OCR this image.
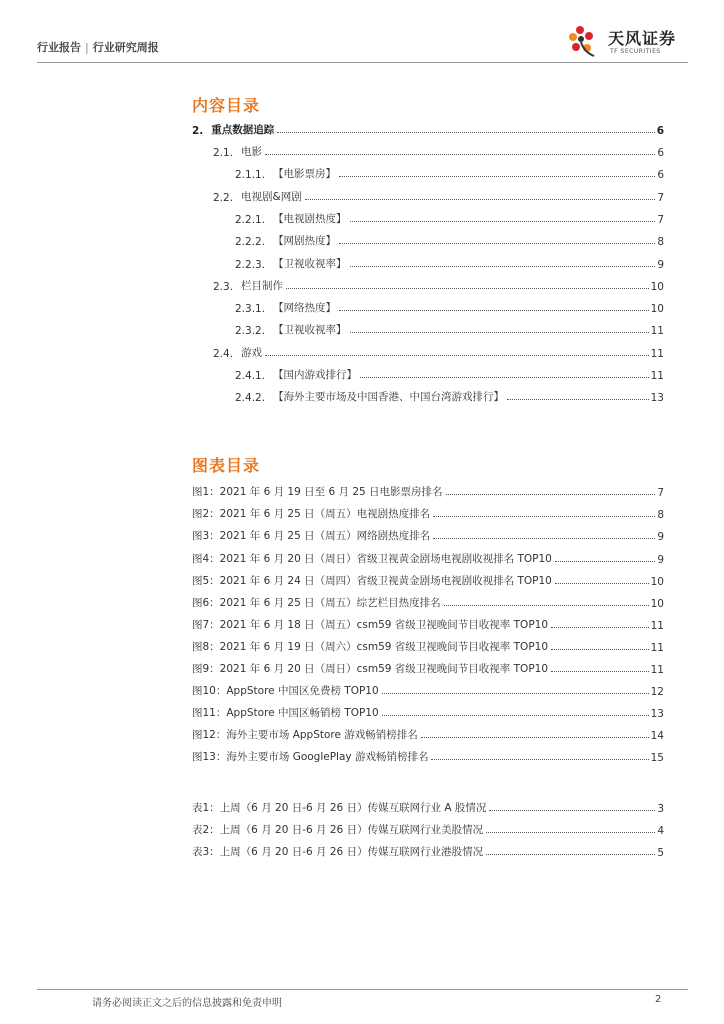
行业报告 | 行业研究周报	天风证券
TF SECURITIES
内容目录
2. 重点数据追踪	6
2.1. 电影	6
2.1.1. 【电影票房】	6
2.2. 电视剧&网剧	7
2.2.1. 【电视剧热度】	7
2.2.2. 【网剧热度】	8
2.2.3. 【卫视收视率】	9
2.3. 栏目制作	10
2.3.1. 【网络热度】	10
2.3.2. 【卫视收视率】	11
2.4. 游戏	11
2.4.1. 【国内游戏排行】	11
2.4.2. 【海外主要市场及中国香港、中国台湾游戏排行】	13
图表目录
图1：2021 年 6 月 19 日至 6 月 25 日电影票房排名	7
图2：2021 年 6 月 25 日（周五）电视剧热度排名	8
图3：2021 年 6 月 25 日（周五）网络剧热度排名	9
图4：2021 年 6 月 20 日（周日）省级卫视黄金剧场电视剧收视排名 TOP10	9
图5：2021 年 6 月 24 日（周四）省级卫视黄金剧场电视剧收视排名 TOP10	10
图6：2021 年 6 月 25 日（周五）综艺栏目热度排名	10
图7：2021 年 6 月 18 日（周五）csm59 省级卫视晚间节目收视率 TOP10	11
图8：2021 年 6 月 19 日（周六）csm59 省级卫视晚间节目收视率 TOP10	11
图9：2021 年 6 月 20 日（周日）csm59 省级卫视晚间节目收视率 TOP10	11
图10：AppStore 中国区免费榜 TOP10	12
图11：AppStore 中国区畅销榜 TOP10	13
图12：海外主要市场 AppStore 游戏畅销榜排名	14
图13：海外主要市场 GooglePlay 游戏畅销榜排名	15
表1：上周（6 月 20 日-6 月 26 日）传媒互联网行业 A 股情况	3
表2：上周（6 月 20 日-6 月 26 日）传媒互联网行业美股情况	4
表3：上周（6 月 20 日-6 月 26 日）传媒互联网行业港股情况	5
请务必阅读正文之后的信息披露和免责申明	2
